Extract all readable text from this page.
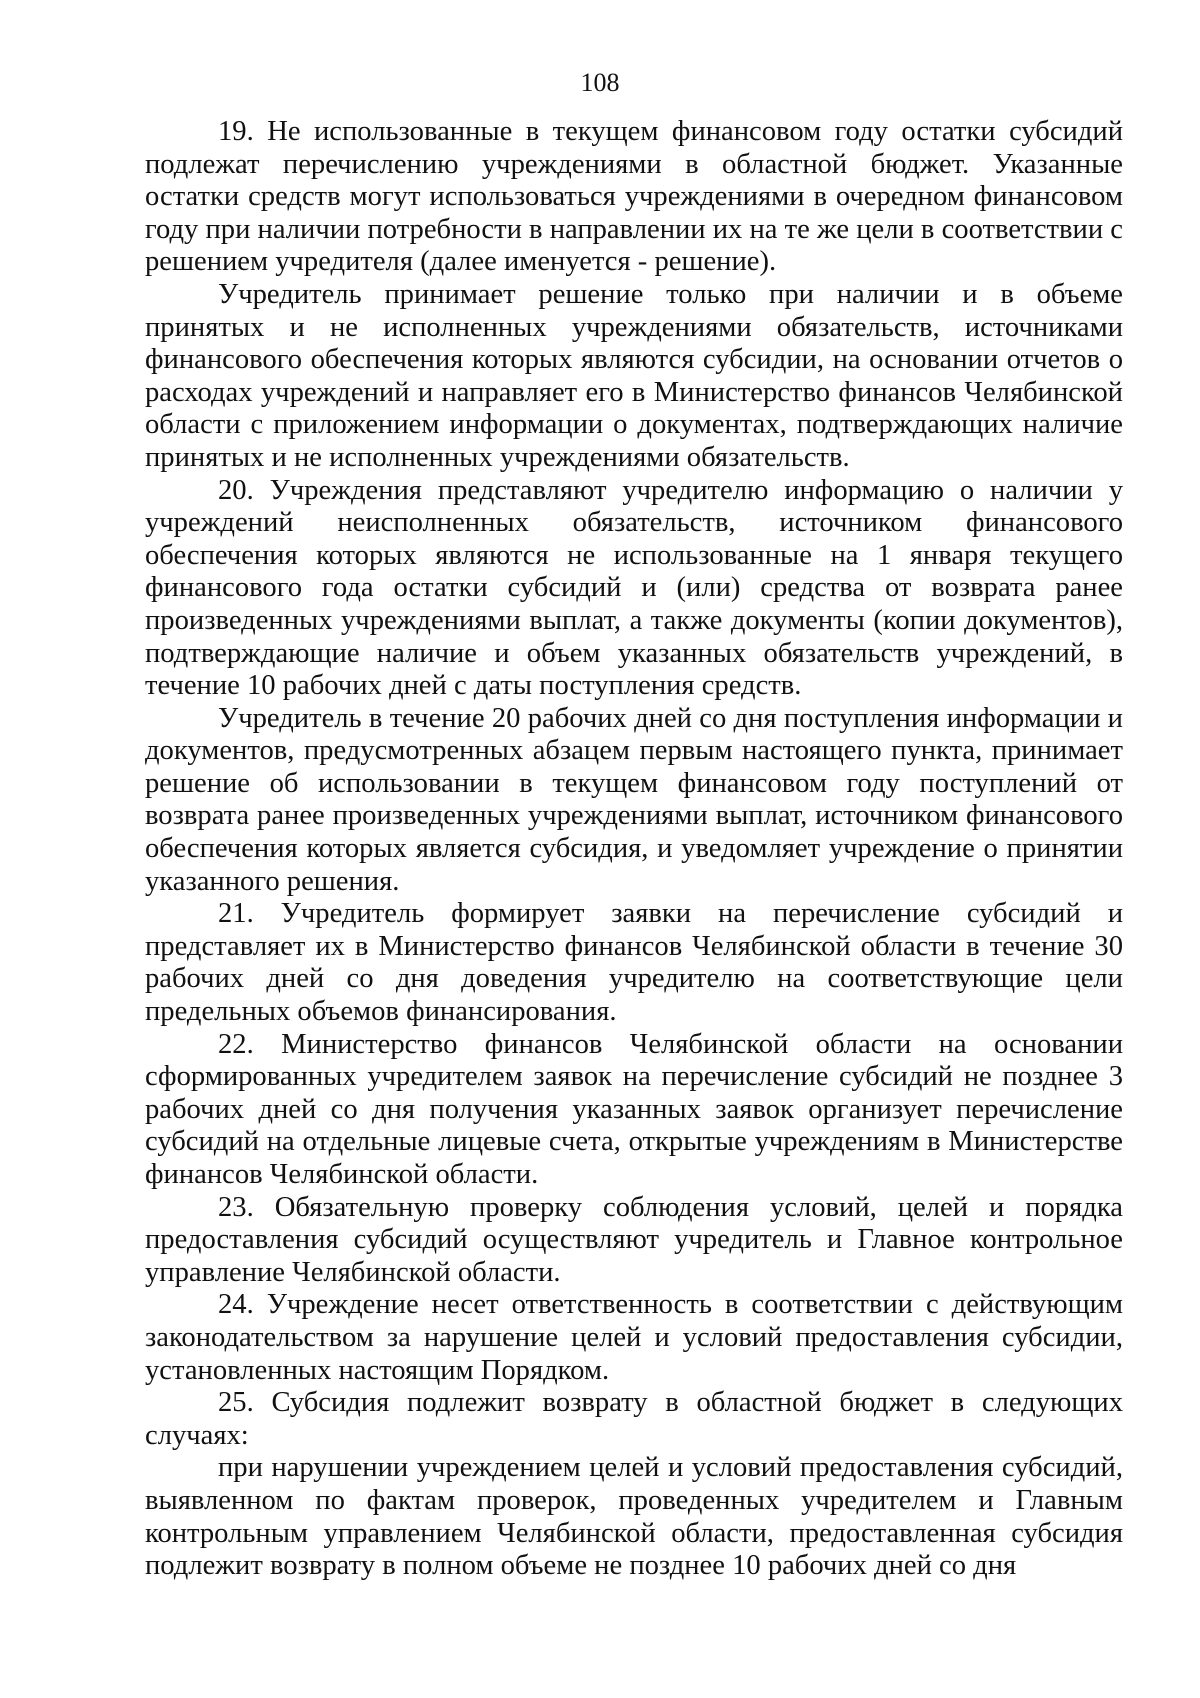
108

19. Не использованные в текущем финансовом году остатки субсидий подлежат перечислению учреждениями в областной бюджет. Указанные остатки средств могут использоваться учреждениями в очередном финансовом году при наличии потребности в направлении их на те же цели в соответствии с решением учредителя (далее именуется - решение).

Учредитель принимает решение только при наличии и в объеме принятых и не исполненных учреждениями обязательств, источниками финансового обеспечения которых являются субсидии, на основании отчетов о расходах учреждений и направляет его в Министерство финансов Челябинской области с приложением информации о документах, подтверждающих наличие принятых и не исполненных учреждениями обязательств.

20. Учреждения представляют учредителю информацию о наличии у учреждений неисполненных обязательств, источником финансового обеспечения которых являются не использованные на 1 января текущего финансового года остатки субсидий и (или) средства от возврата ранее произведенных учреждениями выплат, а также документы (копии документов), подтверждающие наличие и объем указанных обязательств учреждений, в течение 10 рабочих дней с даты поступления средств.

Учредитель в течение 20 рабочих дней со дня поступления информации и документов, предусмотренных абзацем первым настоящего пункта, принимает решение об использовании в текущем финансовом году поступлений от возврата ранее произведенных учреждениями выплат, источником финансового обеспечения которых является субсидия, и уведомляет учреждение о принятии указанного решения.

21. Учредитель формирует заявки на перечисление субсидий и представляет их в Министерство финансов Челябинской области в течение 30 рабочих дней со дня доведения учредителю на соответствующие цели предельных объемов финансирования.

22. Министерство финансов Челябинской области на основании сформированных учредителем заявок на перечисление субсидий не позднее 3 рабочих дней со дня получения указанных заявок организует перечисление субсидий на отдельные лицевые счета, открытые учреждениям в Министерстве финансов Челябинской области.

23. Обязательную проверку соблюдения условий, целей и порядка предоставления субсидий осуществляют учредитель и Главное контрольное управление Челябинской области.

24. Учреждение несет ответственность в соответствии с действующим законодательством за нарушение целей и условий предоставления субсидии, установленных настоящим Порядком.

25. Субсидия подлежит возврату в областной бюджет в следующих случаях:

при нарушении учреждением целей и условий предоставления субсидий, выявленном по фактам проверок, проведенных учредителем и Главным контрольным управлением Челябинской области, предоставленная субсидия подлежит возврату в полном объеме не позднее 10 рабочих дней со дня
